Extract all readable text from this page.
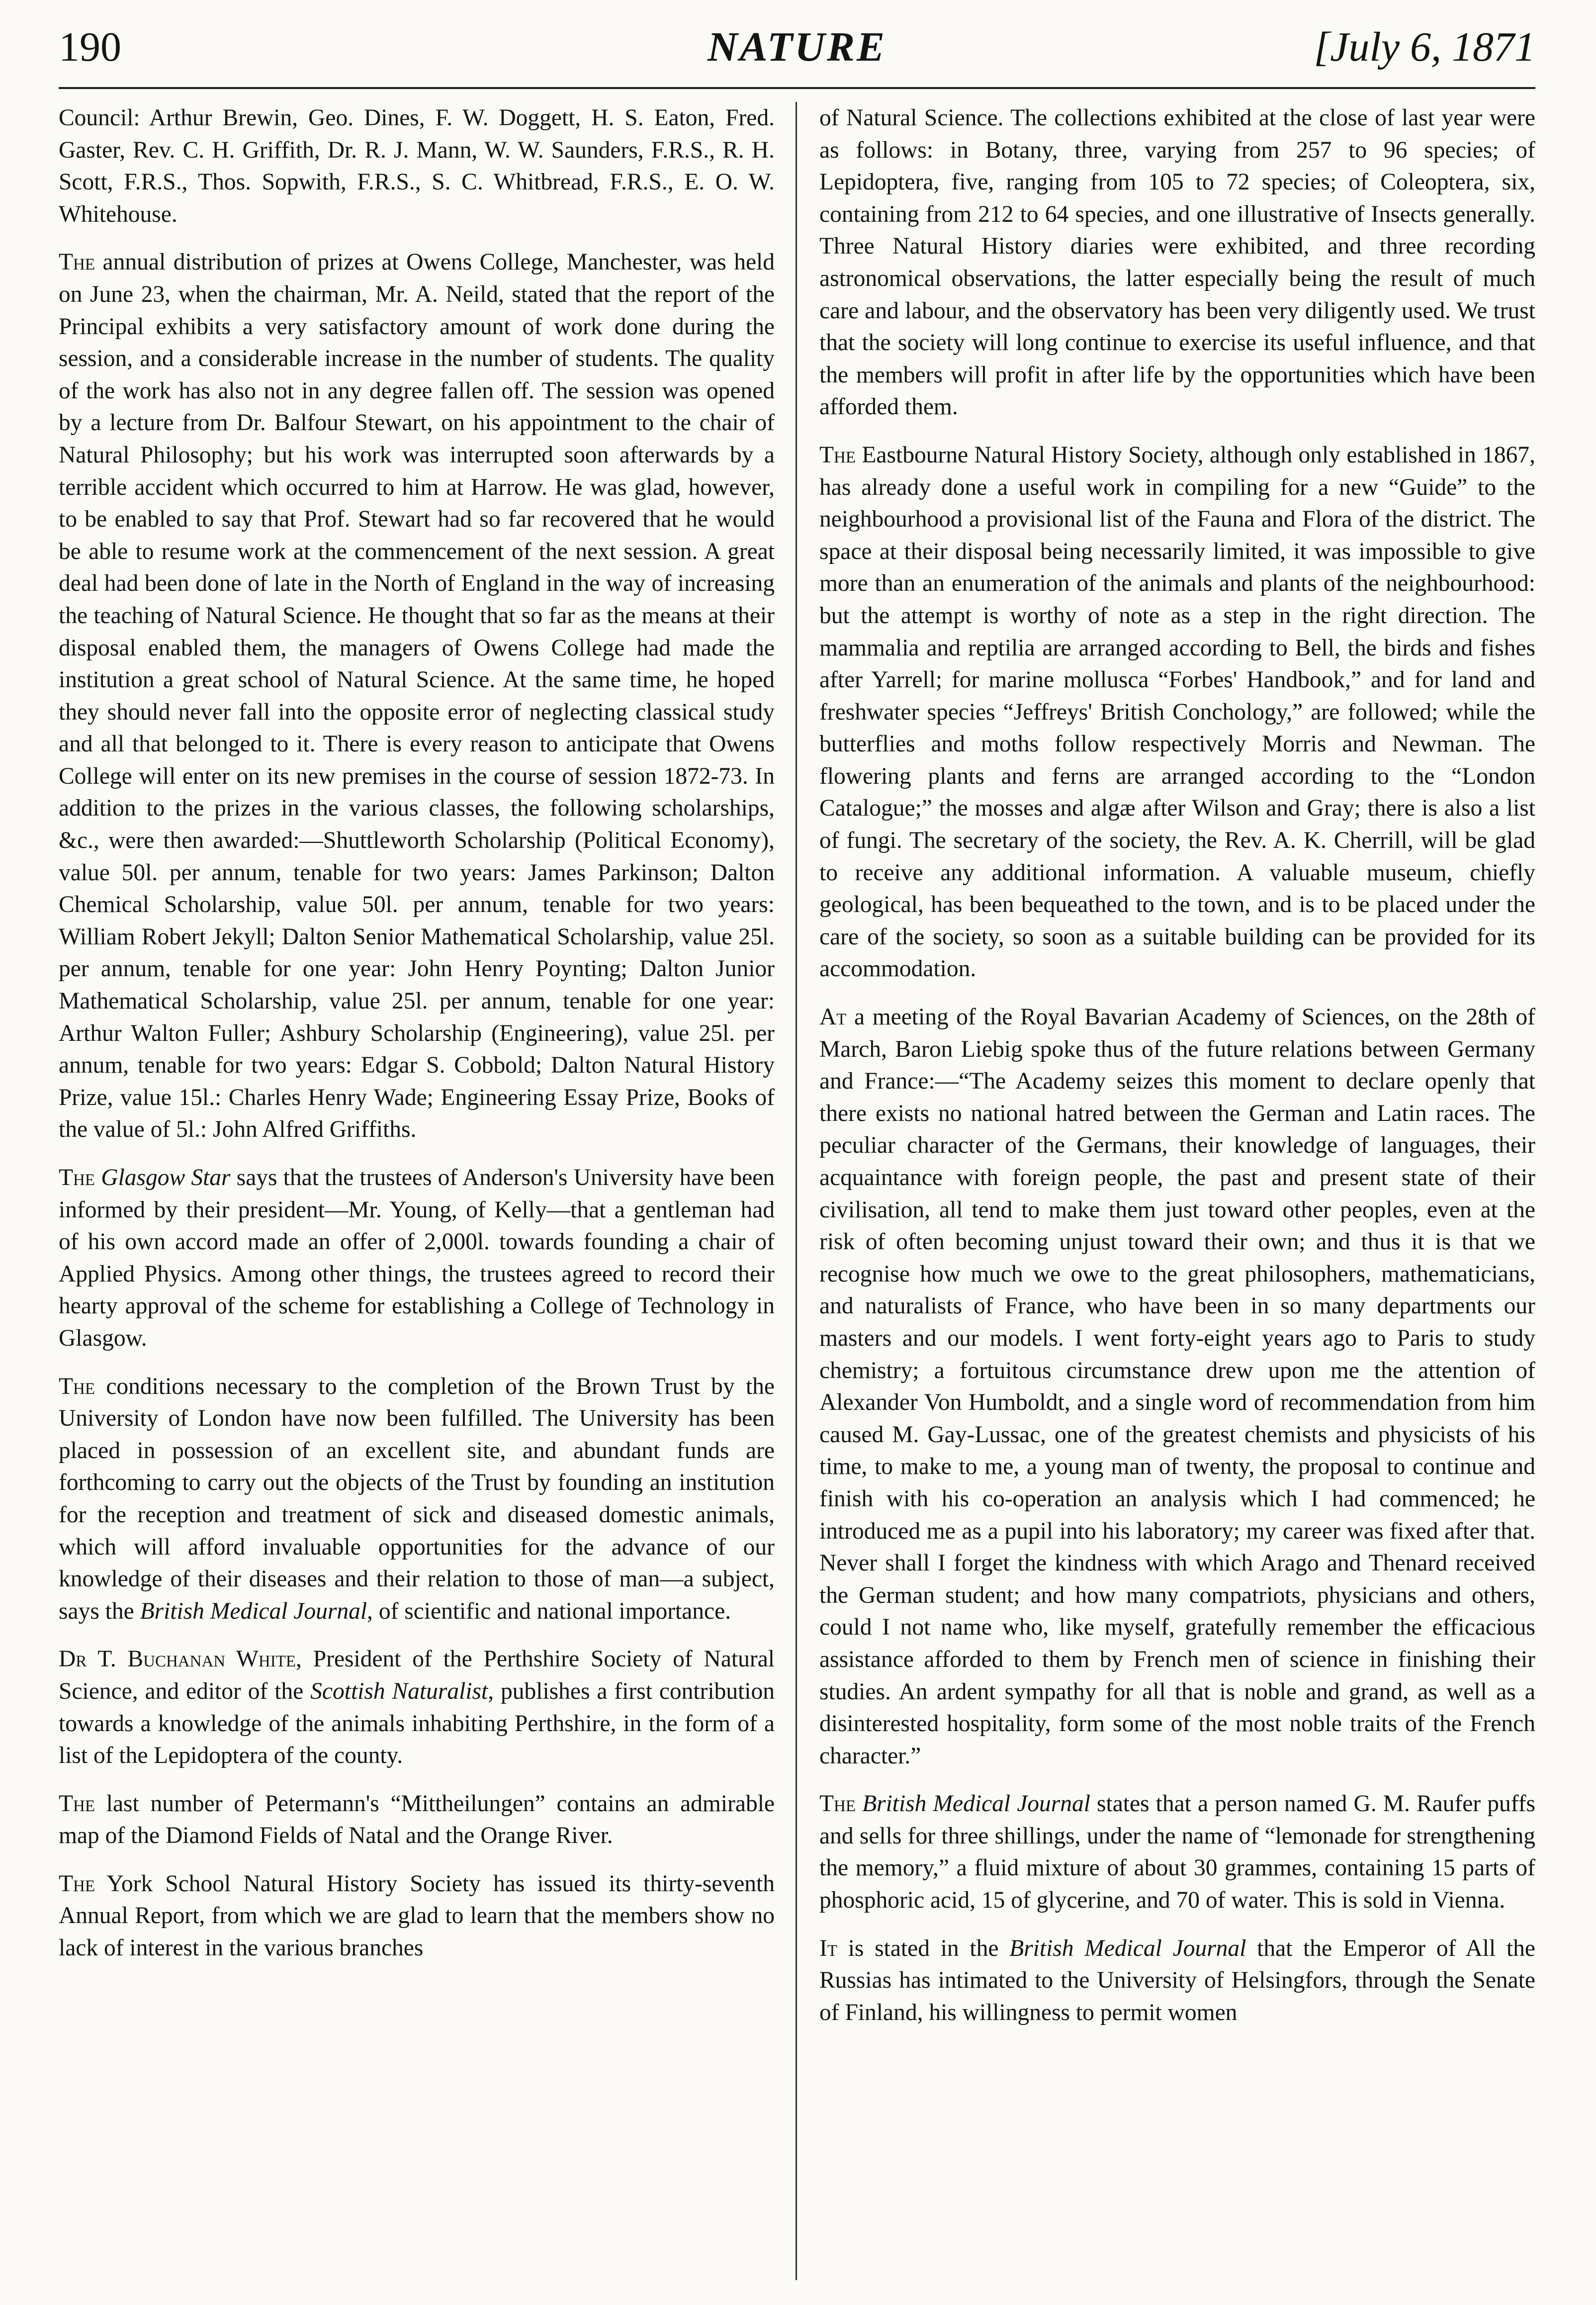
190	NATURE	[July 6, 1871

Council: Arthur Brewin, Geo. Dines, F. W. Doggett, H. S. Eaton, Fred. Gaster, Rev. C. H. Griffith, Dr. R. J. Mann, W. W. Saunders, F.R.S., R. H. Scott, F.R.S., Thos. Sopwith, F.R.S., S. C. Whitbread, F.R.S., E. O. W. Whitehouse.

The annual distribution of prizes at Owens College, Manchester, was held on June 23, when the chairman, Mr. A. Neild, stated that the report of the Principal exhibits a very satisfactory amount of work done during the session, and a considerable increase in the number of students. The quality of the work has also not in any degree fallen off. The session was opened by a lecture from Dr. Balfour Stewart, on his appointment to the chair of Natural Philosophy; but his work was interrupted soon afterwards by a terrible accident which occurred to him at Harrow. He was glad, however, to be enabled to say that Prof. Stewart had so far recovered that he would be able to resume work at the commencement of the next session. A great deal had been done of late in the North of England in the way of increasing the teaching of Natural Science. He thought that so far as the means at their disposal enabled them, the managers of Owens College had made the institution a great school of Natural Science. At the same time, he hoped they should never fall into the opposite error of neglecting classical study and all that belonged to it. There is every reason to anticipate that Owens College will enter on its new premises in the course of session 1872-73. In addition to the prizes in the various classes, the following scholarships, &c., were then awarded:—Shuttleworth Scholarship (Political Economy), value 50l. per annum, tenable for two years: James Parkinson; Dalton Chemical Scholarship, value 50l. per annum, tenable for two years: William Robert Jekyll; Dalton Senior Mathematical Scholarship, value 25l. per annum, tenable for one year: John Henry Poynting; Dalton Junior Mathematical Scholarship, value 25l. per annum, tenable for one year: Arthur Walton Fuller; Ashbury Scholarship (Engineering), value 25l. per annum, tenable for two years: Edgar S. Cobbold; Dalton Natural History Prize, value 15l.: Charles Henry Wade; Engineering Essay Prize, Books of the value of 5l.: John Alfred Griffiths.

The Glasgow Star says that the trustees of Anderson's University have been informed by their president—Mr. Young, of Kelly—that a gentleman had of his own accord made an offer of 2,000l. towards founding a chair of Applied Physics. Among other things, the trustees agreed to record their hearty approval of the scheme for establishing a College of Technology in Glasgow.

The conditions necessary to the completion of the Brown Trust by the University of London have now been fulfilled. The University has been placed in possession of an excellent site, and abundant funds are forthcoming to carry out the objects of the Trust by founding an institution for the reception and treatment of sick and diseased domestic animals, which will afford invaluable opportunities for the advance of our knowledge of their diseases and their relation to those of man—a subject, says the British Medical Journal, of scientific and national importance.

Dr T. Buchanan White, President of the Perthshire Society of Natural Science, and editor of the Scottish Naturalist, publishes a first contribution towards a knowledge of the animals inhabiting Perthshire, in the form of a list of the Lepidoptera of the county.

The last number of Petermann's “Mittheilungen” contains an admirable map of the Diamond Fields of Natal and the Orange River.

The York School Natural History Society has issued its thirty-seventh Annual Report, from which we are glad to learn that the members show no lack of interest in the various branches

of Natural Science. The collections exhibited at the close of last year were as follows: in Botany, three, varying from 257 to 96 species; of Lepidoptera, five, ranging from 105 to 72 species; of Coleoptera, six, containing from 212 to 64 species, and one illustrative of Insects generally. Three Natural History diaries were exhibited, and three recording astronomical observations, the latter especially being the result of much care and labour, and the observatory has been very diligently used. We trust that the society will long continue to exercise its useful influence, and that the members will profit in after life by the opportunities which have been afforded them.

The Eastbourne Natural History Society, although only established in 1867, has already done a useful work in compiling for a new “Guide” to the neighbourhood a provisional list of the Fauna and Flora of the district. The space at their disposal being necessarily limited, it was impossible to give more than an enumeration of the animals and plants of the neighbourhood: but the attempt is worthy of note as a step in the right direction. The mammalia and reptilia are arranged according to Bell, the birds and fishes after Yarrell; for marine mollusca “Forbes' Handbook,” and for land and freshwater species “Jeffreys' British Conchology,” are followed; while the butterflies and moths follow respectively Morris and Newman. The flowering plants and ferns are arranged according to the “London Catalogue;” the mosses and algæ after Wilson and Gray; there is also a list of fungi. The secretary of the society, the Rev. A. K. Cherrill, will be glad to receive any additional information. A valuable museum, chiefly geological, has been bequeathed to the town, and is to be placed under the care of the society, so soon as a suitable building can be provided for its accommodation.

At a meeting of the Royal Bavarian Academy of Sciences, on the 28th of March, Baron Liebig spoke thus of the future relations between Germany and France:—“The Academy seizes this moment to declare openly that there exists no national hatred between the German and Latin races. The peculiar character of the Germans, their knowledge of languages, their acquaintance with foreign people, the past and present state of their civilisation, all tend to make them just toward other peoples, even at the risk of often becoming unjust toward their own; and thus it is that we recognise how much we owe to the great philosophers, mathematicians, and naturalists of France, who have been in so many departments our masters and our models. I went forty-eight years ago to Paris to study chemistry; a fortuitous circumstance drew upon me the attention of Alexander Von Humboldt, and a single word of recommendation from him caused M. Gay-Lussac, one of the greatest chemists and physicists of his time, to make to me, a young man of twenty, the proposal to continue and finish with his co-operation an analysis which I had commenced; he introduced me as a pupil into his laboratory; my career was fixed after that. Never shall I forget the kindness with which Arago and Thenard received the German student; and how many compatriots, physicians and others, could I not name who, like myself, gratefully remember the efficacious assistance afforded to them by French men of science in finishing their studies. An ardent sympathy for all that is noble and grand, as well as a disinterested hospitality, form some of the most noble traits of the French character.”

The British Medical Journal states that a person named G. M. Raufer puffs and sells for three shillings, under the name of “lemonade for strengthening the memory,” a fluid mixture of about 30 grammes, containing 15 parts of phosphoric acid, 15 of glycerine, and 70 of water. This is sold in Vienna.

It is stated in the British Medical Journal that the Emperor of All the Russias has intimated to the University of Helsingfors, through the Senate of Finland, his willingness to permit women
